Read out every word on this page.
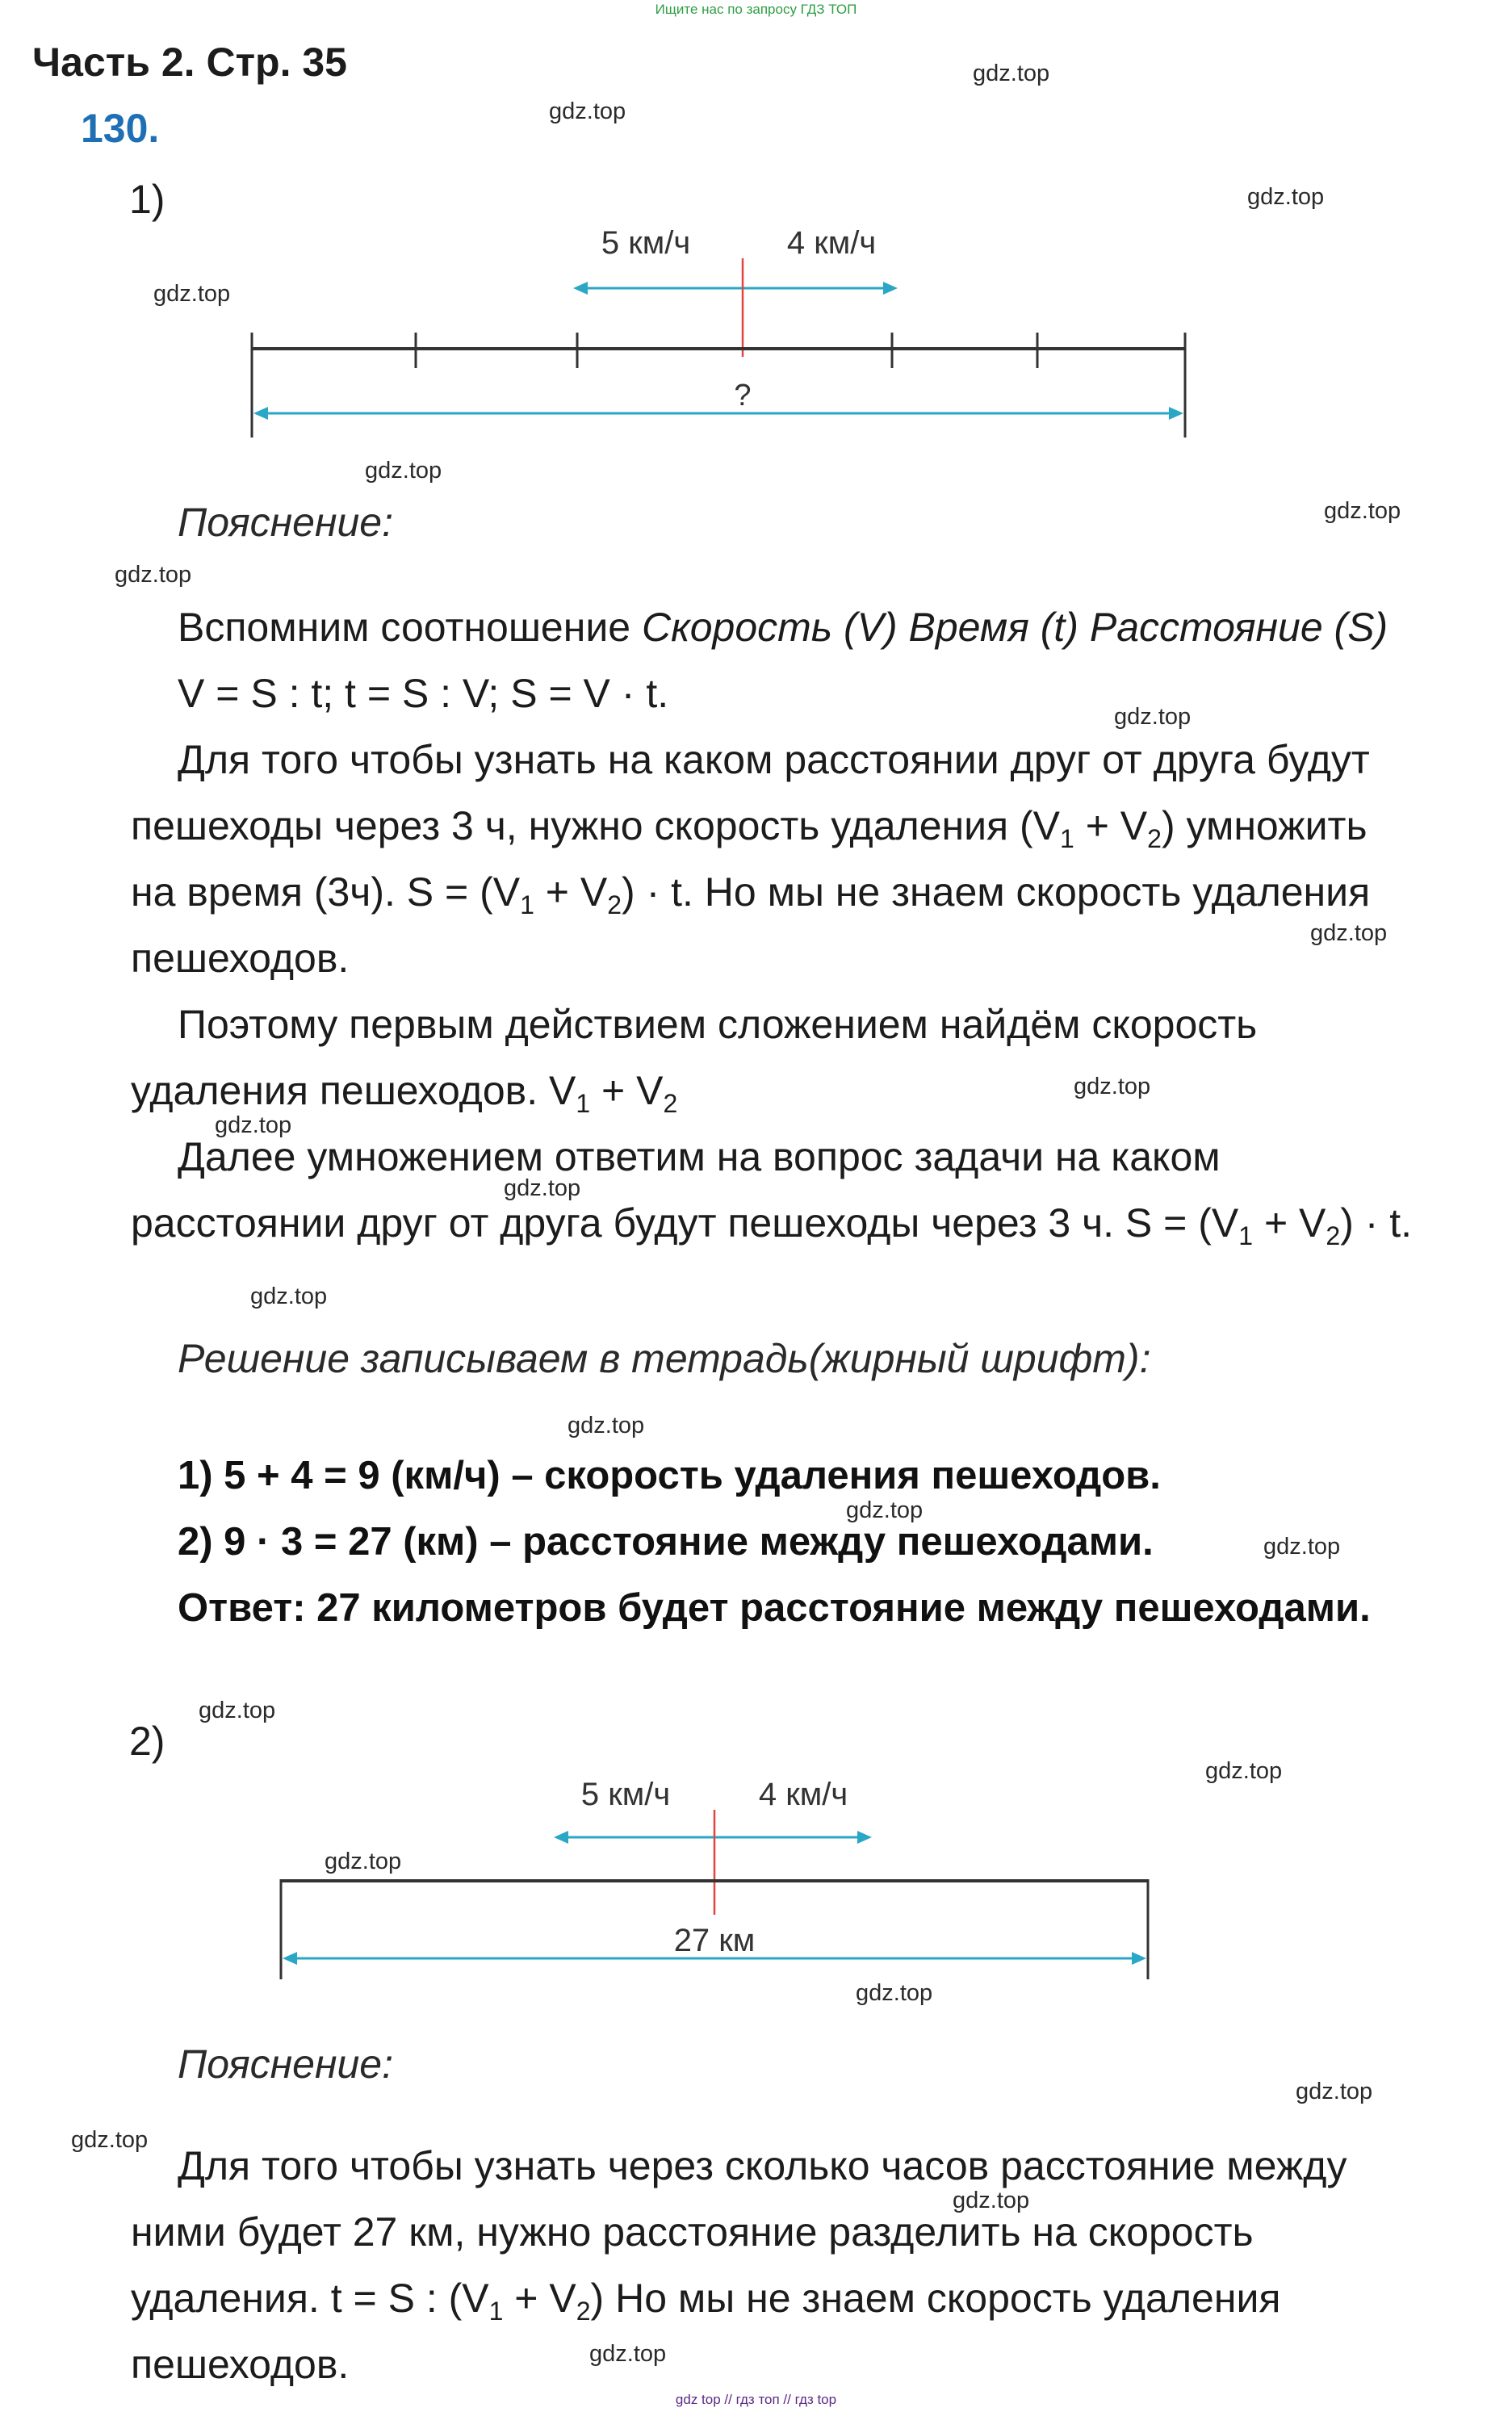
Ищите нас по запросу ГДЗ ТОП
Часть 2. Стр. 35
130.
gdz.top
gdz.top
gdz.top
gdz.top
gdz.top
gdz.top
gdz.top
gdz.top
gdz.top
gdz.top
gdz.top
gdz.top
gdz.top
gdz.top
gdz.top
gdz.top
gdz.top
gdz.top
gdz.top
gdz.top
gdz.top
gdz.top
gdz.top
gdz.top
1)
5 км/ч	4 км/ч
?
Пояснение:
Вспомним соотношение Скорость (V) Время (t) Расстояние (S)
V = S : t; t = S : V; S = V · t.
Для того чтобы узнать на каком расстоянии друг от друга будут
пешеходы через 3 ч, нужно скорость удаления $(V_1 + V_2)$ умножить
на время (3ч). $S = (V_1 + V_2) \cdot t$. Но мы не знаем скорость удаления
пешеходов.
Поэтому первым действием сложением найдём скорость
удаления пешеходов. $V_1 + V_2$
Далее умножением ответим на вопрос задачи на каком
расстоянии друг от друга будут пешеходы через 3 ч. $S = (V_1 + V_2) \cdot t$.
Решение записываем в тетрадь(жирный шрифт):
1) 5 + 4 = 9 (км/ч) – скорость удаления пешеходов.
2) 9 · 3 = 27 (км) – расстояние между пешеходами.
Ответ: 27 километров будет расстояние между пешеходами.
2)
5 км/ч	4 км/ч
27 км
Пояснение:
Для того чтобы узнать через сколько часов расстояние между
ними будет 27 км, нужно расстояние разделить на скорость
удаления. t = S : $(V_1 + V_2)$ Но мы не знаем скорость удаления
пешеходов.
gdz top // гдз топ // гдз top
